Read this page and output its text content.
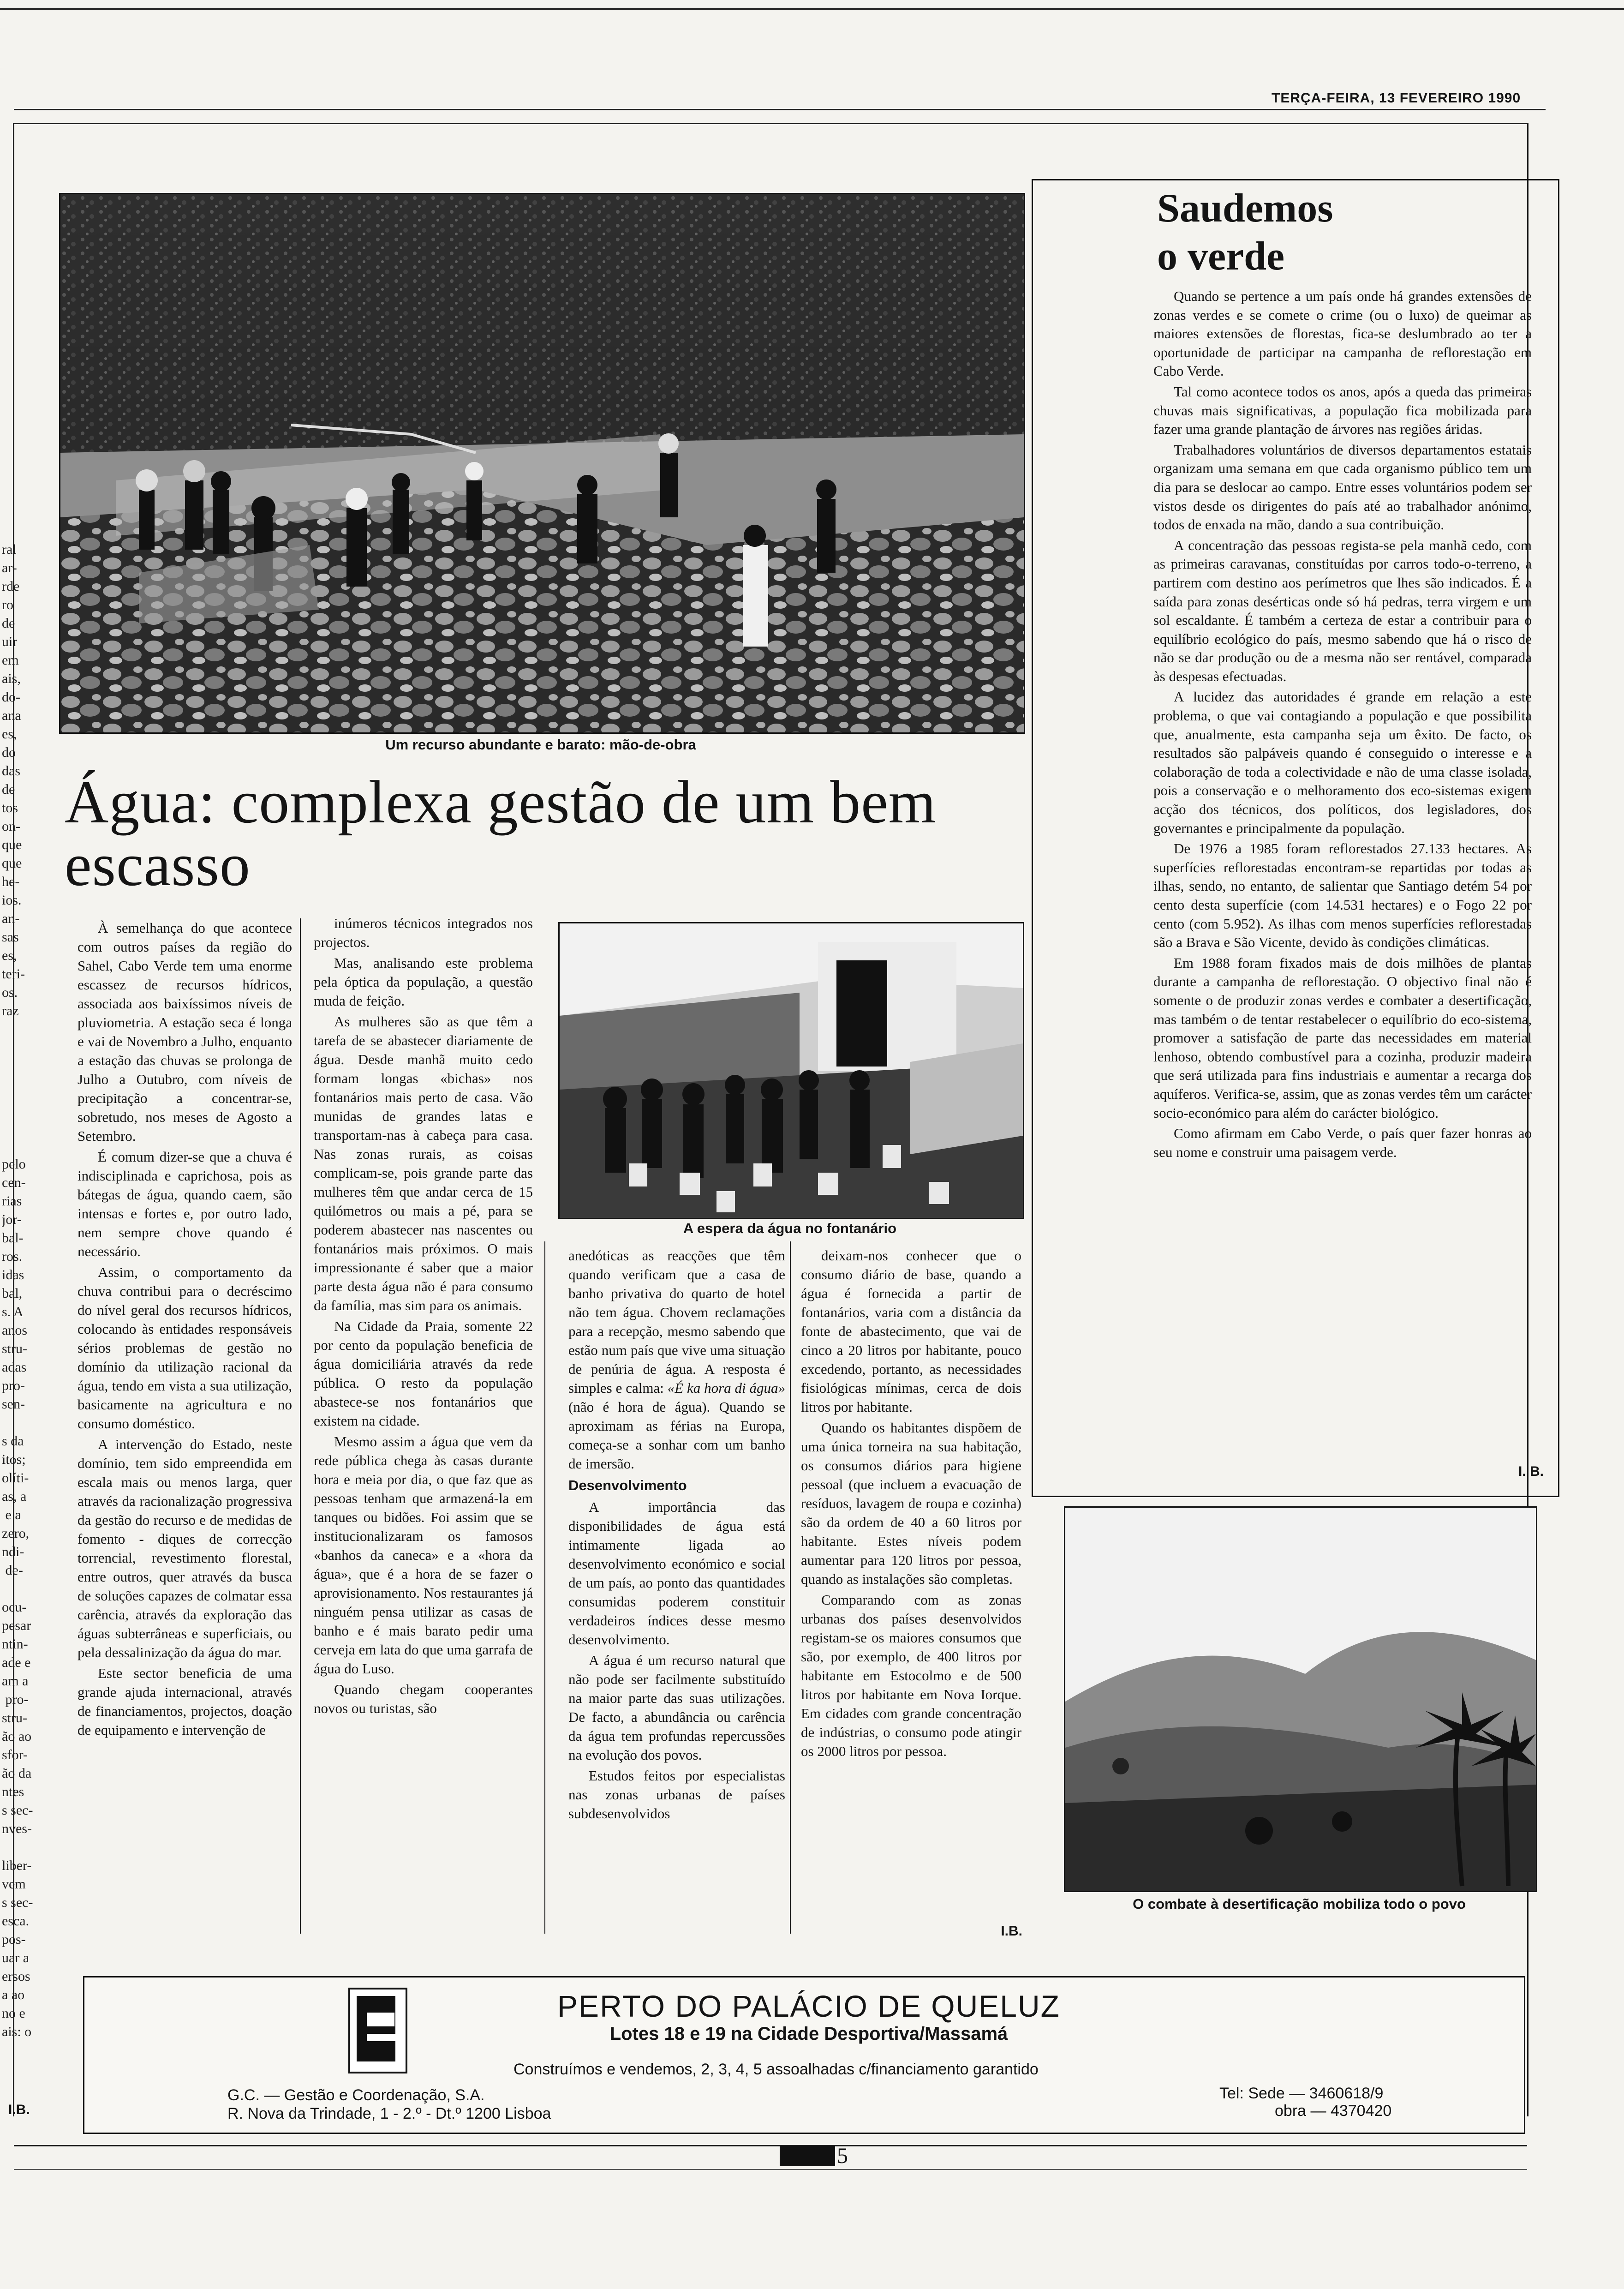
TERÇA-FEIRA, 13 FEVEREIRO 1990

ral
ar-
rde
ro
de
uir
em
ais,
do-
ana
es,
do
das
de
tos
on-
que
que
he-
ios.
an-
sas
es,
teri-
os.
raz

pelo
cen-
rias
jor-
bal-
ros.
idas
bal,
s. A
anos
stru-
adas
pro-
sen-
s da
itos;
olíti-
as, a
e a
zero,
ndi-
de-
ocu-
pesar
ntin-
ade e
am a
pro-
stru-
ão ao
sfor-
ão da
ntes
s sec-
nves-
liber-
vem
s sec-
esca.
pos-
uar a
ersos
a ao
no e
ais: o

I.B.
Um recurso abundante e barato: mão-de-obra
Água: complexa gestão de um bem escasso

À semelhança do que acontece com outros países da região do Sahel, Cabo Verde tem uma enorme escassez de recursos hídricos, associada aos baixíssimos níveis de pluviometria. A estação seca é longa e vai de Novembro a Julho, enquanto a estação das chuvas se prolonga de Julho a Outubro, com níveis de precipitação a concentrar-se, sobretudo, nos meses de Agosto a Setembro.

É comum dizer-se que a chuva é indisciplinada e caprichosa, pois as bátegas de água, quando caem, são intensas e fortes e, por outro lado, nem sempre chove quando é necessário.

Assim, o comportamento da chuva contribui para o decréscimo do nível geral dos recursos hídricos, colocando às entidades responsáveis sérios problemas de gestão no domínio da utilização racional da água, tendo em vista a sua utilização, basicamente na agricultura e no consumo doméstico.

A intervenção do Estado, neste domínio, tem sido empreendida em escala mais ou menos larga, quer através da racionalização progressiva da gestão do recurso e de medidas de fomento - diques de correcção torrencial, revestimento florestal, entre outros, quer através da busca de soluções capazes de colmatar essa carência, através da exploração das águas subterrâneas e superficiais, ou pela dessalinização da água do mar.

Este sector beneficia de uma grande ajuda internacional, através de financiamentos, projectos, doação de equipamento e intervenção de

inúmeros técnicos integrados nos projectos.

Mas, analisando este problema pela óptica da população, a questão muda de feição.

As mulheres são as que têm a tarefa de se abastecer diariamente de água. Desde manhã muito cedo formam longas «bichas» nos fontanários mais perto de casa. Vão munidas de grandes latas e transportam-nas à cabeça para casa. Nas zonas rurais, as coisas complicam-se, pois grande parte das mulheres têm que andar cerca de 15 quilómetros ou mais a pé, para se poderem abastecer nas nascentes ou fontanários mais próximos. O mais impressionante é saber que a maior parte desta água não é para consumo da família, mas sim para os animais.

Na Cidade da Praia, somente 22 por cento da população beneficia de água domiciliária através da rede pública. O resto da população abastece-se nos fontanários que existem na cidade.

Mesmo assim a água que vem da rede pública chega às casas durante hora e meia por dia, o que faz que as pessoas tenham que armazená-la em tanques ou bidões. Foi assim que se institucionalizaram os famosos «banhos da caneca» e a «hora da água», que é a hora de se fazer o aprovisionamento. Nos restaurantes já ninguém pensa utilizar as casas de banho e é mais barato pedir uma cerveja em lata do que uma garrafa de água do Luso.

Quando chegam cooperantes novos ou turistas, são

A espera da água no fontanário

anedóticas as reacções que têm quando verificam que a casa de banho privativa do quarto de hotel não tem água. Chovem reclamações para a recepção, mesmo sabendo que estão num país que vive uma situação de penúria de água. A resposta é simples e calma: «É ka hora di água» (não é hora de água). Quando se aproximam as férias na Europa, começa-se a sonhar com um banho de imersão.

Desenvolvimento

A importância das disponibilidades de água está intimamente ligada ao desenvolvimento económico e social de um país, ao ponto das quantidades consumidas poderem constituir verdadeiros índices desse mesmo desenvolvimento.

A água é um recurso natural que não pode ser facilmente substituído na maior parte das suas utilizações. De facto, a abundância ou carência da água tem profundas repercussões na evolução dos povos.

Estudos feitos por especialistas nas zonas urbanas de países subdesenvolvidos

deixam-nos conhecer que o consumo diário de base, quando a água é fornecida a partir de fontanários, varia com a distância da fonte de abastecimento, que vai de cinco a 20 litros por habitante, pouco excedendo, portanto, as necessidades fisiológicas mínimas, cerca de dois litros por habitante.

Quando os habitantes dispõem de uma única torneira na sua habitação, os consumos diários para higiene pessoal (que incluem a evacuação de resíduos, lavagem de roupa e cozinha) são da ordem de 40 a 60 litros por habitante. Estes níveis podem aumentar para 120 litros por pessoa, quando as instalações são completas.

Comparando com as zonas urbanas dos países desenvolvidos registam-se os maiores consumos que são, por exemplo, de 400 litros por habitante em Estocolmo e de 500 litros por habitante em Nova Iorque. Em cidades com grande concentração de indústrias, o consumo pode atingir os 2000 litros por pessoa.

I.B.
Saudemos
o verde

Quando se pertence a um país onde há grandes extensões de zonas verdes e se comete o crime (ou o luxo) de queimar as maiores extensões de florestas, fica-se deslumbrado ao ter a oportunidade de participar na campanha de reflorestação em Cabo Verde.

Tal como acontece todos os anos, após a queda das primeiras chuvas mais significativas, a população fica mobilizada para fazer uma grande plantação de árvores nas regiões áridas.

Trabalhadores voluntários de diversos departamentos estatais organizam uma semana em que cada organismo público tem um dia para se deslocar ao campo. Entre esses voluntários podem ser vistos desde os dirigentes do país até ao trabalhador anónimo, todos de enxada na mão, dando a sua contribuição.

A concentração das pessoas regista-se pela manhã cedo, com as primeiras caravanas, constituídas por carros todo-o-terreno, a partirem com destino aos perímetros que lhes são indicados. É a saída para zonas desérticas onde só há pedras, terra virgem e um sol escaldante. É também a certeza de estar a contribuir para o equilíbrio ecológico do país, mesmo sabendo que há o risco de não se dar produção ou de a mesma não ser rentável, comparada às despesas efectuadas.

A lucidez das autoridades é grande em relação a este problema, o que vai contagiando a população e que possibilita que, anualmente, esta campanha seja um êxito. De facto, os resultados são palpáveis quando é conseguido o interesse e a colaboração de toda a colectividade e não de uma classe isolada, pois a conservação e o melhoramento dos eco-sistemas exigem acção dos técnicos, dos políticos, dos legisladores, dos governantes e principalmente da população.

De 1976 a 1985 foram reflorestados 27.133 hectares. As superfícies reflorestadas encontram-se repartidas por todas as ilhas, sendo, no entanto, de salientar que Santiago detém 54 por cento desta superfície (com 14.531 hectares) e o Fogo 22 por cento (com 5.952). As ilhas com menos superfícies reflorestadas são a Brava e São Vicente, devido às condições climáticas.

Em 1988 foram fixados mais de dois milhões de plantas durante a campanha de reflorestação. O objectivo final não é somente o de produzir zonas verdes e combater a desertificação, mas também o de tentar restabelecer o equilíbrio do eco-sistema, promover a satisfação de parte das necessidades em material lenhoso, obtendo combustível para a cozinha, produzir madeira que será utilizada para fins industriais e aumentar a recarga dos aquíferos. Verifica-se, assim, que as zonas verdes têm um carácter socio-económico para além do carácter biológico.

Como afirmam em Cabo Verde, o país quer fazer honras ao seu nome e construir uma paisagem verde.

I. B.
O combate à desertificação mobiliza todo o povo
PERTO DO PALÁCIO DE QUELUZ
Lotes 18 e 19 na Cidade Desportiva/Massamá
Construímos e vendemos, 2, 3, 4, 5 assoalhadas c/financiamento garantido
G.C. — Gestão e Coordenação, S.A.
R. Nova da Trindade, 1 - 2.º - Dt.º 1200 Lisboa
Tel: Sede — 3460618/9
obra — 4370420
5
